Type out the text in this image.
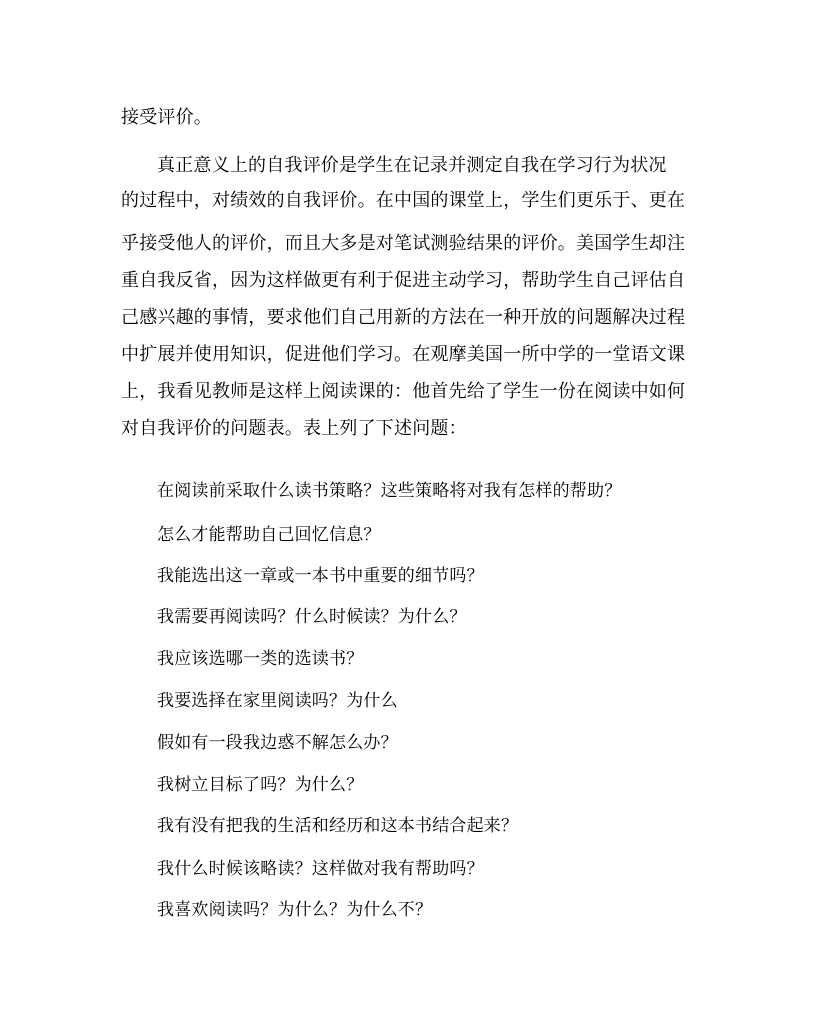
接受评价。
真正意义上的自我评价是学生在记录并测定自我在学习行为状况
的过程中，对绩效的自我评价。在中国的课堂上，学生们更乐于、更在
乎接受他人的评价，而且大多是对笔试测验结果的评价。美国学生却注
重自我反省，因为这样做更有利于促进主动学习，帮助学生自己评估自
己感兴趣的事情，要求他们自己用新的方法在一种开放的问题解决过程
中扩展并使用知识，促进他们学习。在观摩美国一所中学的一堂语文课
上，我看见教师是这样上阅读课的：他首先给了学生一份在阅读中如何
对自我评价的问题表。表上列了下述问题：
在阅读前采取什么读书策略？这些策略将对我有怎样的帮助？
怎么才能帮助自己回忆信息？
我能选出这一章或一本书中重要的细节吗？
我需要再阅读吗？什么时候读？为什么？
我应该选哪一类的选读书？
我要选择在家里阅读吗？为什么
假如有一段我边惑不解怎么办？
我树立目标了吗？为什么？
我有没有把我的生活和经历和这本书结合起来？
我什么时候该略读？这样做对我有帮助吗？
我喜欢阅读吗？为什么？为什么不？
